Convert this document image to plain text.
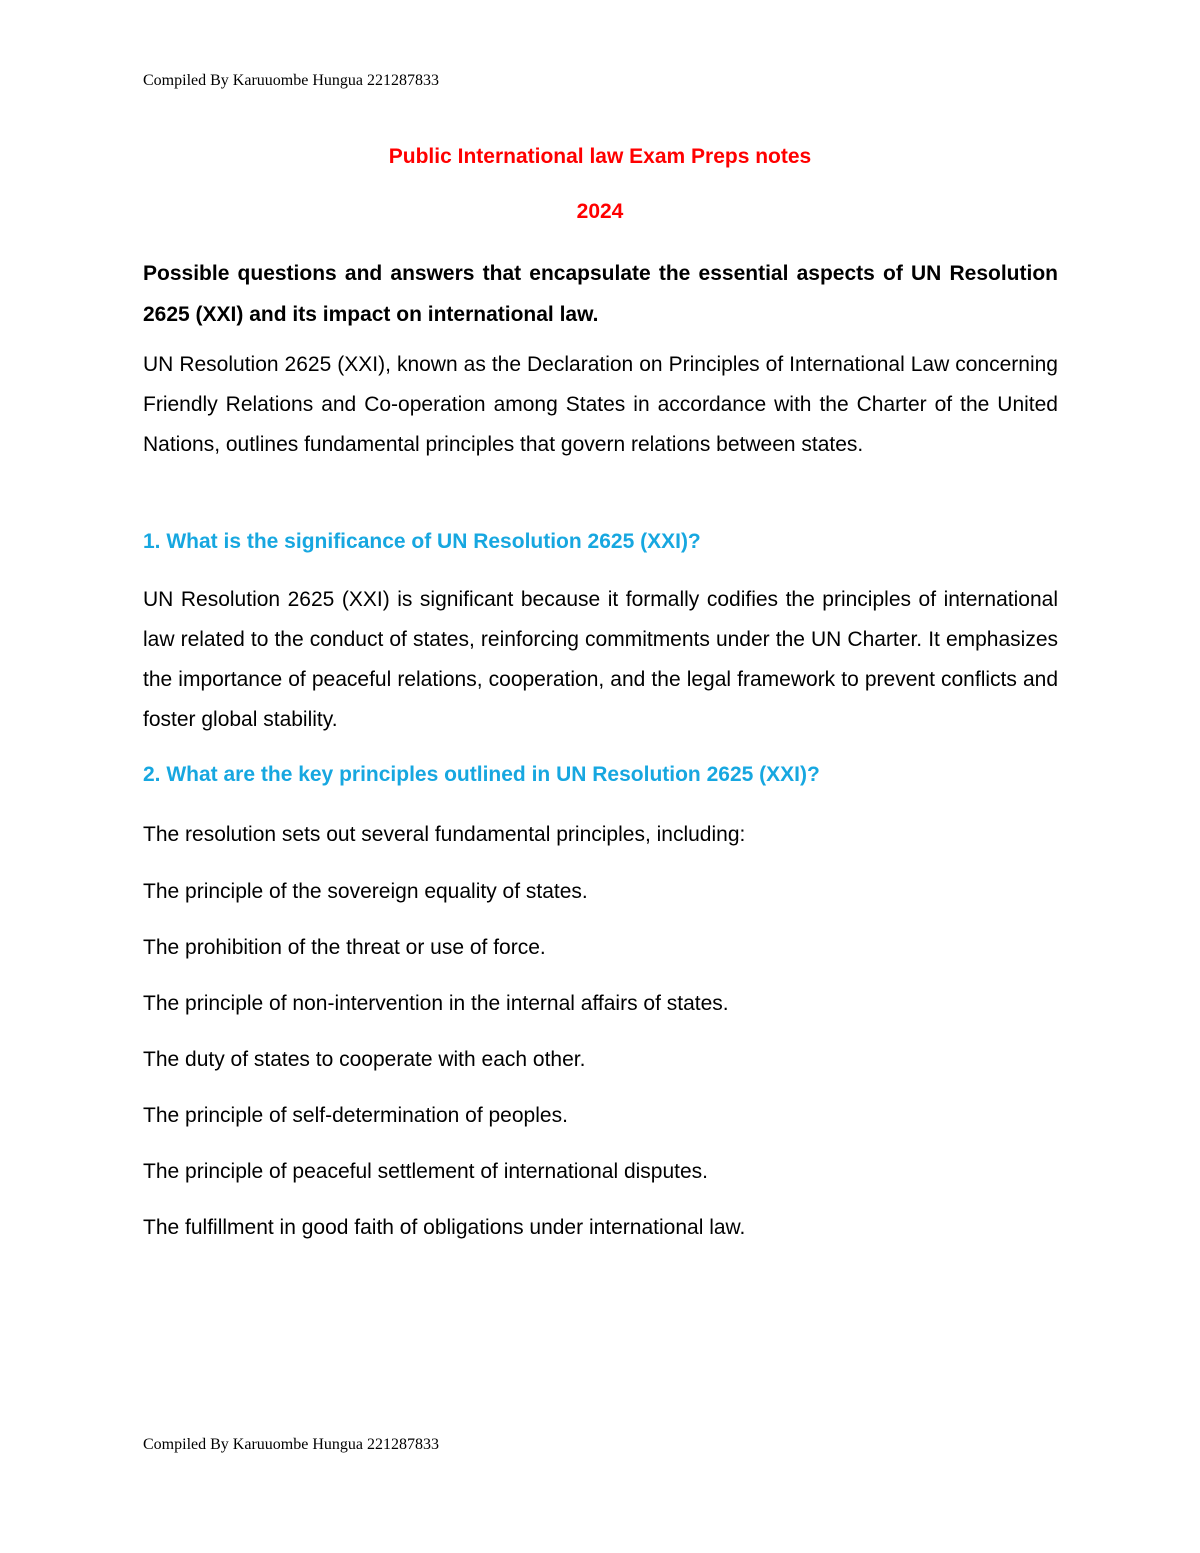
Compiled By Karuuombe Hungua 221287833
Public International law Exam Preps notes
2024
Possible questions and answers that encapsulate the essential aspects of UN Resolution 2625 (XXI) and its impact on international law.
UN Resolution 2625 (XXI), known as the Declaration on Principles of International Law concerning Friendly Relations and Co-operation among States in accordance with the Charter of the United Nations, outlines fundamental principles that govern relations between states.
1. What is the significance of UN Resolution 2625 (XXI)?
UN Resolution 2625 (XXI) is significant because it formally codifies the principles of international law related to the conduct of states, reinforcing commitments under the UN Charter. It emphasizes the importance of peaceful relations, cooperation, and the legal framework to prevent conflicts and foster global stability.
2. What are the key principles outlined in UN Resolution 2625 (XXI)?
The resolution sets out several fundamental principles, including:
The principle of the sovereign equality of states.
The prohibition of the threat or use of force.
The principle of non-intervention in the internal affairs of states.
The duty of states to cooperate with each other.
The principle of self-determination of peoples.
The principle of peaceful settlement of international disputes.
The fulfillment in good faith of obligations under international law.
Compiled By Karuuombe Hungua 221287833
